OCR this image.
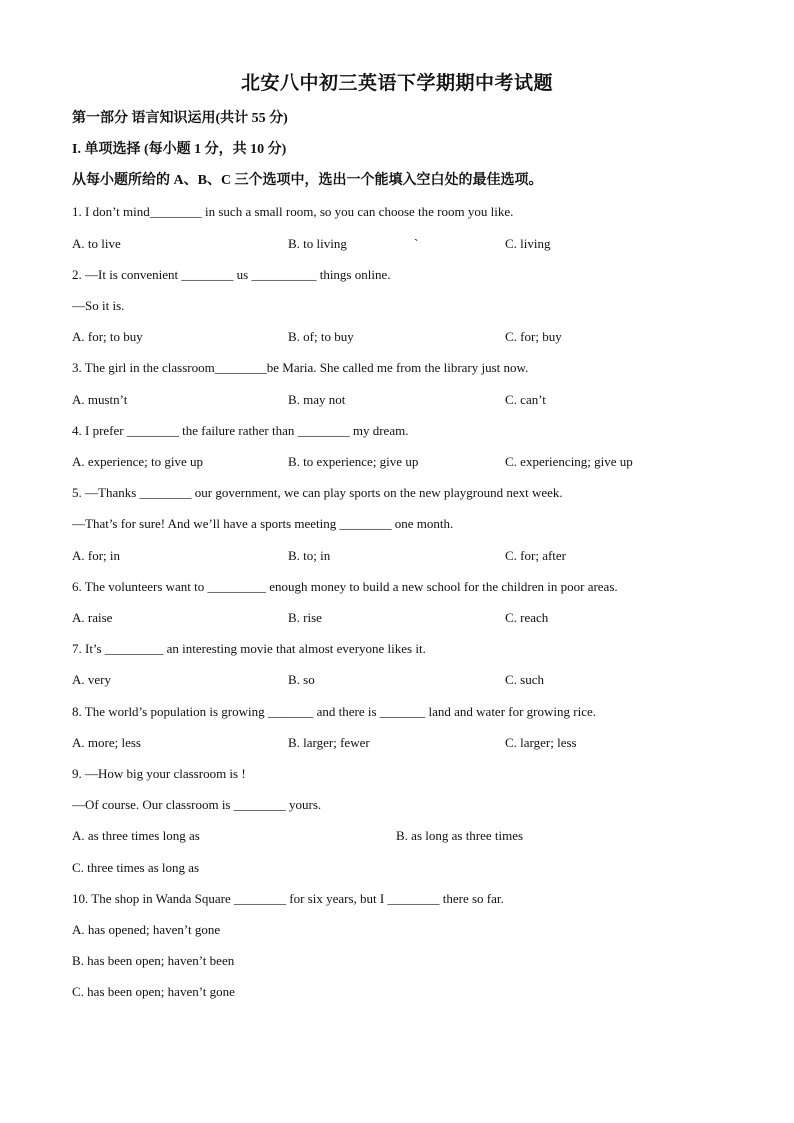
北安八中初三英语下学期期中考试题
第一部分 语言知识运用(共计 55 分)
I. 单项选择 (每小题 1 分，共 10 分)
从每小题所给的 A、B、C 三个选项中，选出一个能填入空白处的最佳选项。
1. I don’t mind________ in such a small room, so you can choose the room you like.
A. to live	B. to living	`	C. living
2. —It is convenient ________ us __________ things online.
—So it is.
A. for; to buy	B. of; to buy	C. for; buy
3. The girl in the classroom________be Maria. She called me from the library just now.
A. mustn’t	B. may not	C. can’t
4. I prefer ________ the failure rather than ________ my dream.
A. experience; to give up	B. to experience; give up	C. experiencing; give up
5. —Thanks ________ our government, we can play sports on the new playground next week.
—That’s for sure! And we’ll have a sports meeting ________ one month.
A. for; in	B. to; in	C. for; after
6. The volunteers want to _________ enough money to build a new school for the children in poor areas.
A. raise	B. rise	C. reach
7. It’s _________ an interesting movie that almost everyone likes it.
A. very	B. so	C. such
8. The world’s population is growing _______ and there is _______ land and water for growing rice.
A. more; less	B. larger; fewer	C. larger; less
9. —How big your classroom is !
—Of course. Our classroom is ________ yours.
A. as three times long as	B. as long as three times
C. three times as long as
10. The shop in Wanda Square ________ for six years, but I ________ there so far.
A. has opened; haven’t gone
B. has been open; haven’t been
C. has been open; haven’t gone
